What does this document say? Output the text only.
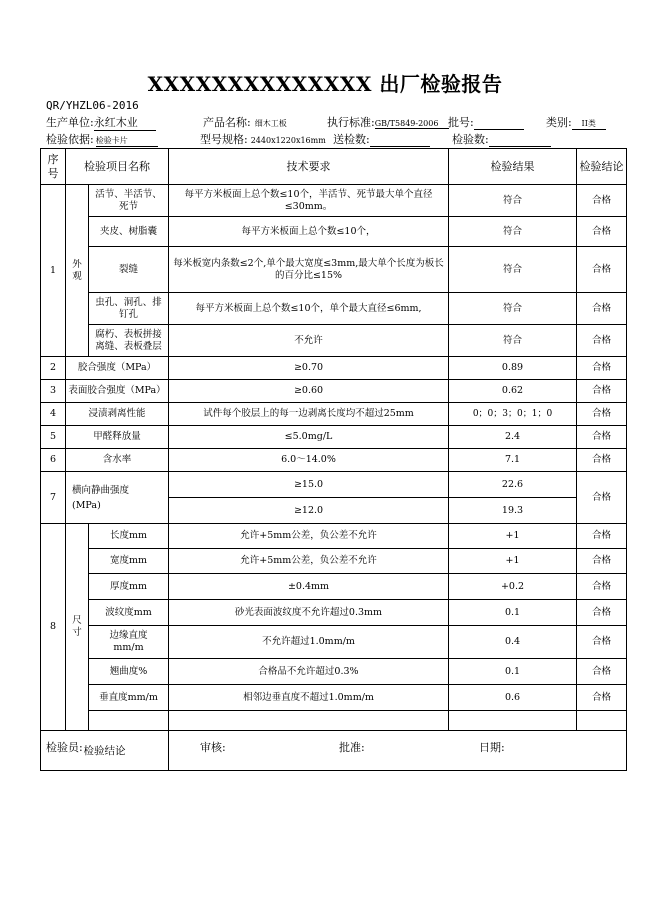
XXXXXXXXXXXXXX 出厂检验报告
QR/YHZL06-2016
生产单位:永红木业	产品名称: 细木工板	执行标准:GB/T5849-2006 批号:	类别: II类
检验依据: 检验卡片	型号规格: 2440x1220x16mm 送检数:	检验数:
序号	检验项目名称		技术要求	检验结果	检验结论
1	外观	活节、半活节、死节	每平方米板面上总个数≤10个，半活节、死节最大单个直径≤30mm。	符合	合格
		夹皮、树脂囊	每平方米板面上总个数≤10个，	符合	合格
		裂缝	每米板宽内条数≤2个,单个最大宽度≤3mm,最大单个长度为板长的百分比≤15%	符合	合格
		虫孔、洞孔、排钉孔	每平方米板面上总个数≤10个，单个最大直径≤6mm,	符合	合格
		腐朽、表板拼接离缝、表板叠层	不允许	符合	合格
2	胶合强度（MPa）		≥0.70	0.89	合格
3	表面胶合强度（MPa）		≥0.60	0.62	合格
4	浸渍剥离性能		试件每个胶层上的每一边剥离长度均不超过25mm	0；0；3；0；1；0	合格
5	甲醛释放量		≤5.0mg/L	2.4	合格
6	含水率		6.0～14.0%	7.1	合格
7	横向静曲强度(MPa)		≥15.0	22.6	合格
			≥12.0	19.3	
8	尺寸	长度mm	允许+5mm公差，负公差不允许	+1	合格
		宽度mm	允许+5mm公差，负公差不允许	+1	合格
		厚度mm	±0.4mm	+0.2	合格
		波纹度mm	砂光表面波纹度不允许超过0.3mm	0.1	合格
		边缘直度mm/m	不允许超过1.0mm/m	0.4	合格
		翘曲度%	合格品不允许超过0.3%	0.1	合格
		垂直度mm/m	相邻边垂直度不超过1.0mm/m	0.6	合格

检验结论					
检验员:	审核:	批准:	日期:
